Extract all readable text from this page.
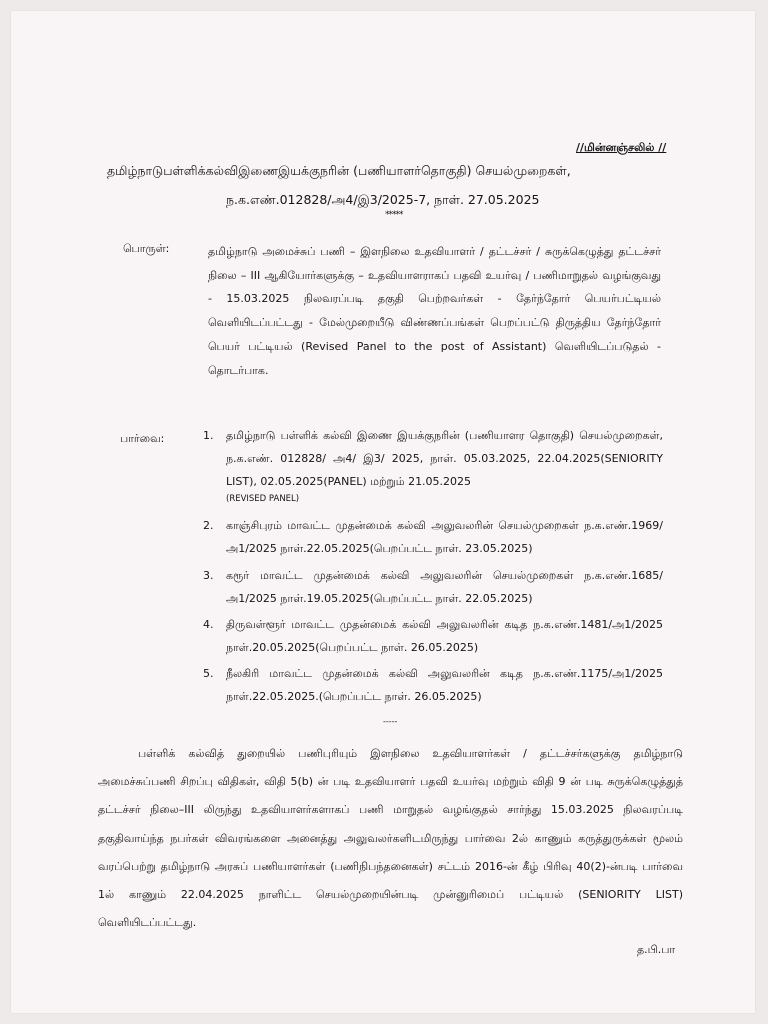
//மின்னஞ்சலில் //
தமிழ்நாடுபள்ளிக்கல்விஇணைஇயக்குநரின் (பணியாளர்தொகுதி) செயல்முறைகள்,
ந.க.எண்.012828/அ4/இ3/2025-7, நாள். 27.05.2025
*****
பொருள்:	தமிழ்நாடு அமைச்சுப் பணி – இளநிலை உதவியாளர் / தட்டச்சர் / சுருக்கெழுத்து தட்டச்சர் நிலை – III ஆகியோர்களுக்கு – உதவியாளராகப் பதவி உயர்வு / பணிமாறுதல் வழங்குவது - 15.03.2025 நிலவரப்படி தகுதி பெற்றவர்கள் - தேர்ந்தோர் பெயர்பட்டியல் வெளியிடப்பட்டது - மேல்முறையீடு விண்ணப்பங்கள் பெறப்பட்டு திருத்திய தேர்ந்தோர் பெயர் பட்டியல் (Revised Panel to the post of Assistant) வெளியிடப்படுதல் - தொடர்பாக.
பார்வை:	1. தமிழ்நாடு பள்ளிக் கல்வி இணை இயக்குநரின் (பணியாளர தொகுதி) செயல்முறைகள், ந.க.எண். 012828/ அ4/ இ3/ 2025, நாள். 05.03.2025, 22.04.2025(SENIORITY LIST), 02.05.2025(PANEL) மற்றும் 21.05.2025
(REVISED PANEL)
2. காஞ்சிபுரம் மாவட்ட முதன்மைக் கல்வி அலுவலரின் செயல்முறைகள் ந.க.எண்.1969/அ1/2025 நாள்.22.05.2025(பெறப்பட்ட நாள். 23.05.2025)
3. கரூர் மாவட்ட முதன்மைக் கல்வி அலுவலரின் செயல்முறைகள் ந.க.எண்.1685/அ1/2025 நாள்.19.05.2025(பெறப்பட்ட நாள். 22.05.2025)
4. திருவள்ளூர் மாவட்ட முதன்மைக் கல்வி அலுவலரின் கடித ந.க.எண்.1481/அ1/2025 நாள்.20.05.2025(பெறப்பட்ட நாள். 26.05.2025)
5. நீலகிரி மாவட்ட முதன்மைக் கல்வி அலுவலரின் கடித ந.க.எண்.1175/அ1/2025 நாள்.22.05.2025.(பெறப்பட்ட நாள். 26.05.2025)
-----

பள்ளிக் கல்வித் துறையில் பணிபுரியும் இளநிலை உதவியாளர்கள் / தட்டச்சர்களுக்கு தமிழ்நாடு அமைச்சுப்பணி சிறப்பு விதிகள், விதி 5(b) ன் படி உதவியாளர் பதவி உயர்வு மற்றும் விதி 9 ன் படி சுருக்கெழுத்துத் தட்டச்சர் நிலை–III லிருந்து உதவியாளர்களாகப் பணி மாறுதல் வழங்குதல் சார்ந்து 15.03.2025 நிலவரப்படி தகுதிவாய்ந்த நபர்கள் விவரங்களை அனைத்து அலுவலர்களிடமிருந்து பார்வை 2ல் காணும் கருத்துருக்கள் மூலம் வரப்பெற்று தமிழ்நாடு அரசுப் பணியாளர்கள் (பணிநிபந்தனைகள்) சட்டம் 2016-ன் கீழ் பிரிவு 40(2)-ன்படி பார்வை 1ல் காணும் 22.04.2025 நாளிட்ட செயல்முறையின்படி முன்னுரிமைப் பட்டியல் (SENIORITY LIST) வெளியிடப்பட்டது.

த.பி.பா
